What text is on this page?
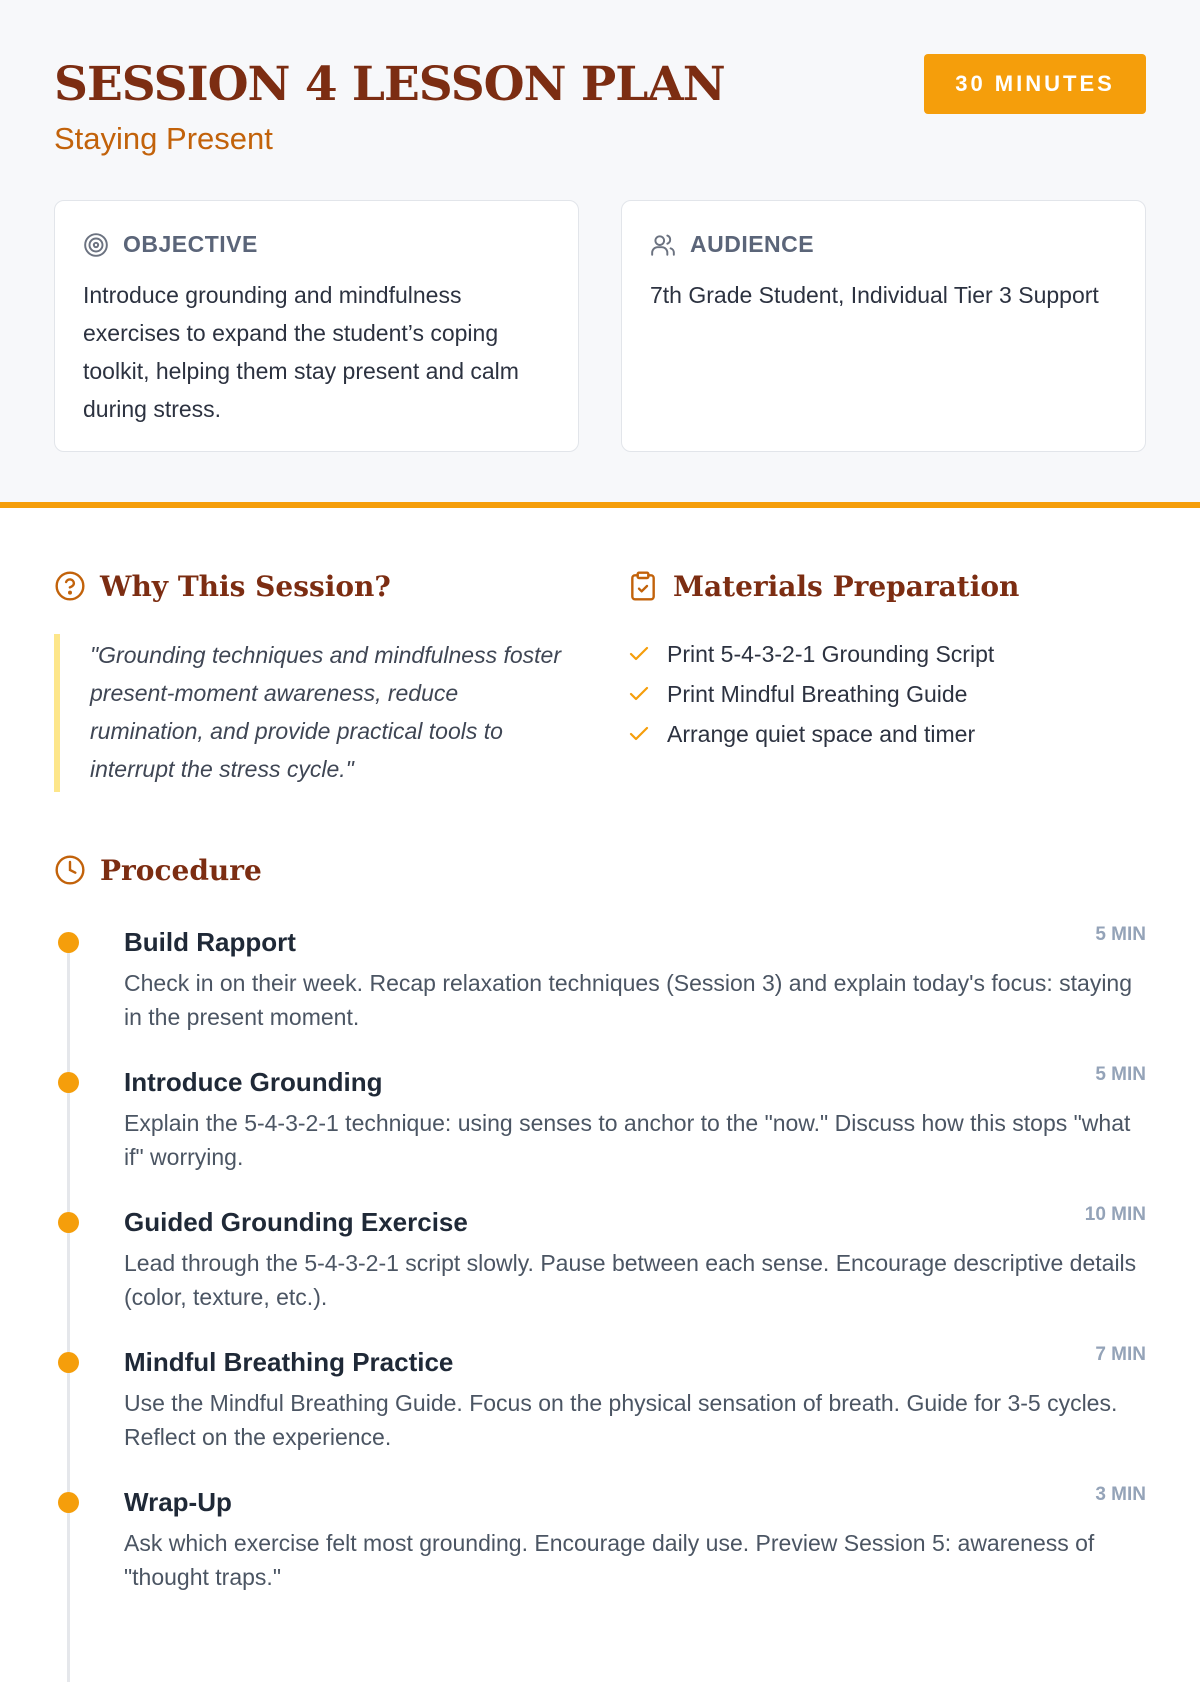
SESSION 4 LESSON PLAN
Staying Present
30 MINUTES
OBJECTIVE
Introduce grounding and mindfulness exercises to expand the student’s coping toolkit, helping them stay present and calm during stress.
AUDIENCE
7th Grade Student, Individual Tier 3 Support
Why This Session?
"Grounding techniques and mindfulness foster present-moment awareness, reduce rumination, and provide practical tools to interrupt the stress cycle."
Materials Preparation
Print 5-4-3-2-1 Grounding Script
Print Mindful Breathing Guide
Arrange quiet space and timer
Procedure
Build Rapport	5 MIN
Check in on their week. Recap relaxation techniques (Session 3) and explain today's focus: staying in the present moment.
Introduce Grounding	5 MIN
Explain the 5-4-3-2-1 technique: using senses to anchor to the "now." Discuss how this stops "what if" worrying.
Guided Grounding Exercise	10 MIN
Lead through the 5-4-3-2-1 script slowly. Pause between each sense. Encourage descriptive details (color, texture, etc.).
Mindful Breathing Practice	7 MIN
Use the Mindful Breathing Guide. Focus on the physical sensation of breath. Guide for 3-5 cycles. Reflect on the experience.
Wrap-Up	3 MIN
Ask which exercise felt most grounding. Encourage daily use. Preview Session 5: awareness of "thought traps."
